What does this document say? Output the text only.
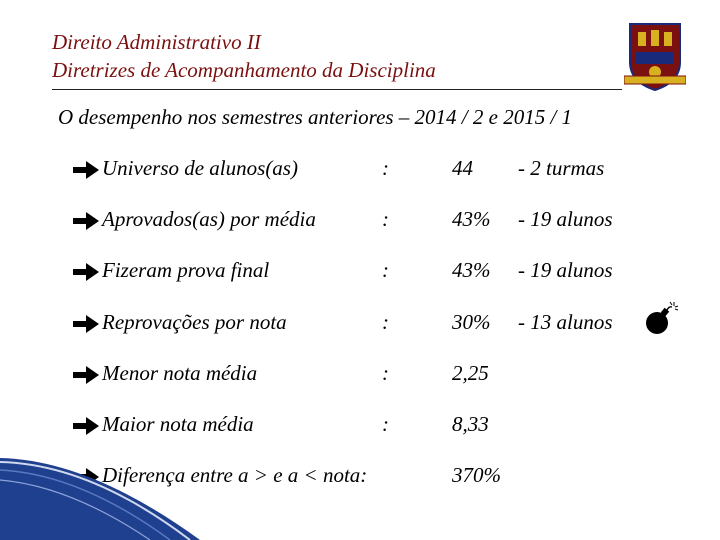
Direito Administrativo II
Diretrizes de Acompanhamento da Disciplina
O desempenho nos semestres anteriores – 2014 / 2 e 2015 / 1
Universo de alunos(as)	:	44 - 2 turmas
Aprovados(as) por média	:	43% - 19 alunos
Fizeram prova final	:	43% - 19 alunos
Reprovações por nota	:	30% - 13 alunos
Menor nota média	:	2,25
Maior nota média	:	8,33
Diferença entre a > e a < nota:	370%
